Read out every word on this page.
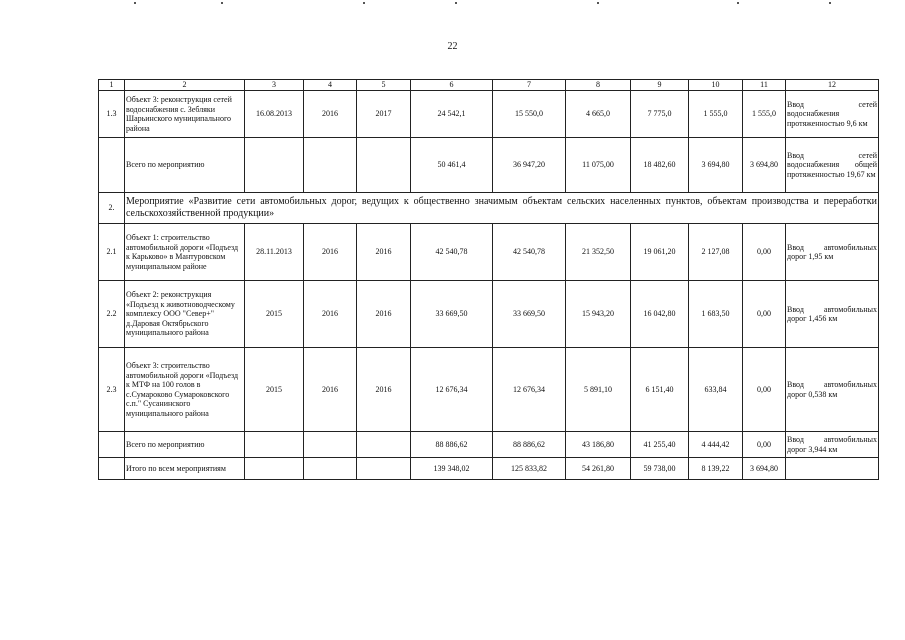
22
1	2	3	4	5	6	7	8	9	10	11	12
1.3	Объект 3: реконструкция сетей водоснабжения с. Зебляки Шарьинского муниципального района	16.08.2013	2016	2017	24 542,1	15 550,0	4 665,0	7 775,0	1 555,0	1 555,0	Ввод сетей водоснабжения протяженностью 9,6 км
	Всего по мероприятию				50 461,4	36 947,20	11 075,00	18 482,60	3 694,80	3 694,80	Ввод сетей водоснабжения общей протяженностью 19,67 км
2.	Мероприятие «Развитие сети автомобильных дорог, ведущих к общественно значимым объектам сельских населенных пунктов, объектам производства и переработки сельскохозяйственной продукции»										
2.1	Объект 1: строительство автомобильной дороги «Подъезд к Карьково» в Мантуровском муниципальном районе	28.11.2013	2016	2016	42 540,78	42 540,78	21 352,50	19 061,20	2 127,08	0,00	Ввод автомобильных дорог 1,95 км
2.2	Объект 2: реконструкция «Подъезд к животноводческому комплексу ООО "Север+" д.Даровая Октябрьского муниципального района	2015	2016	2016	33 669,50	33 669,50	15 943,20	16 042,80	1 683,50	0,00	Ввод автомобильных дорог 1,456 км
2.3	Объект 3: строительство автомобильной дороги «Подъезд к МТФ на 100 голов в с.Сумароково Сумароковского с.п." Сусанинского муниципального района	2015	2016	2016	12 676,34	12 676,34	5 891,10	6 151,40	633,84	0,00	Ввод автомобильных дорог 0,538 км
	Всего по мероприятию				88 886,62	88 886,62	43 186,80	41 255,40	4 444,42	0,00	Ввод автомобильных дорог 3,944 км
	Итого по всем мероприятиям				139 348,02	125 833,82	54 261,80	59 738,00	8 139,22	3 694,80	
